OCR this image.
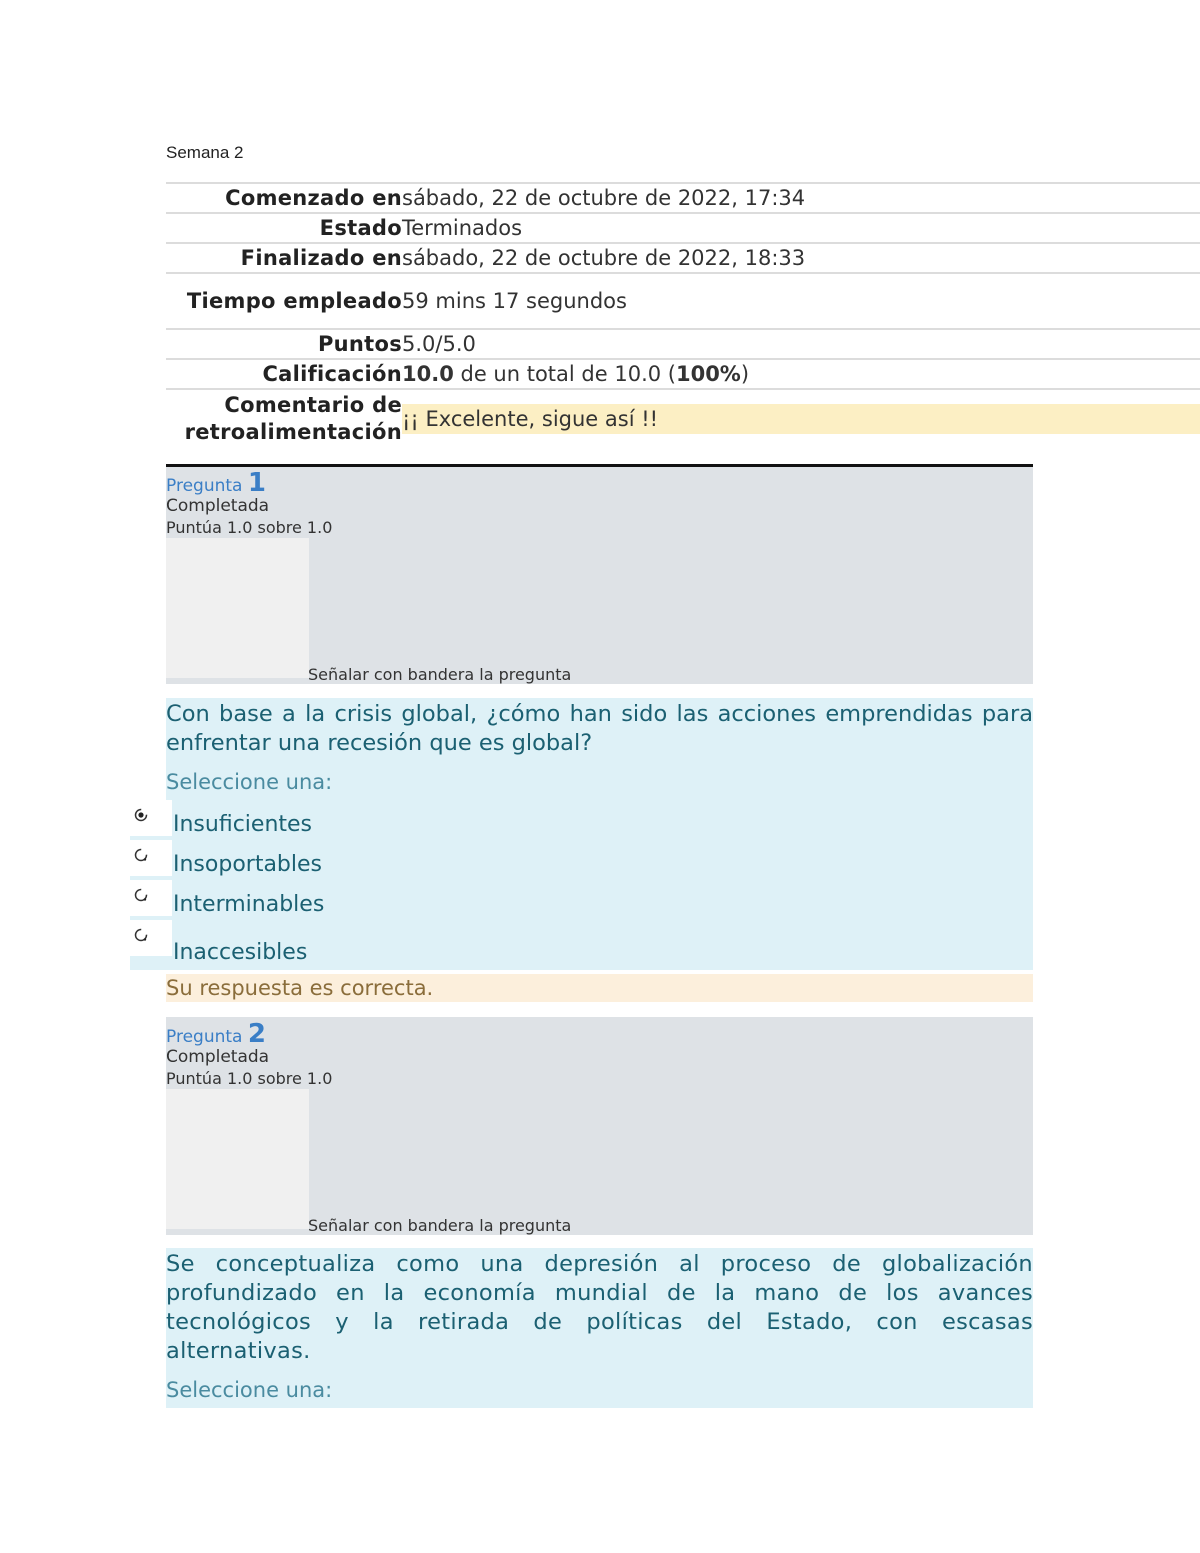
Semana 2
Comenzado en sábado, 22 de octubre de 2022, 17:34
Estado Terminados
Finalizado en sábado, 22 de octubre de 2022, 18:33
Tiempo empleado 59 mins 17 segundos
Puntos 5.0/5.0
Calificación 10.0 de un total de 10.0 (100%)
Comentario de retroalimentación
¡¡ Excelente, sigue así !!
Pregunta 1
Completada
Puntúa 1.0 sobre 1.0
Señalar con bandera la pregunta

Con base a la crisis global, ¿cómo han sido las acciones emprendidas para enfrentar una recesión que es global?

Seleccione una:
Insuficientes
Insoportables
Interminables
Inaccesibles
Su respuesta es correcta.
Pregunta 2
Completada
Puntúa 1.0 sobre 1.0
Señalar con bandera la pregunta

Se conceptualiza como una depresión al proceso de globalización profundizado en la economía mundial de la mano de los avances tecnológicos y la retirada de políticas del Estado, con escasas alternativas.

Seleccione una:
